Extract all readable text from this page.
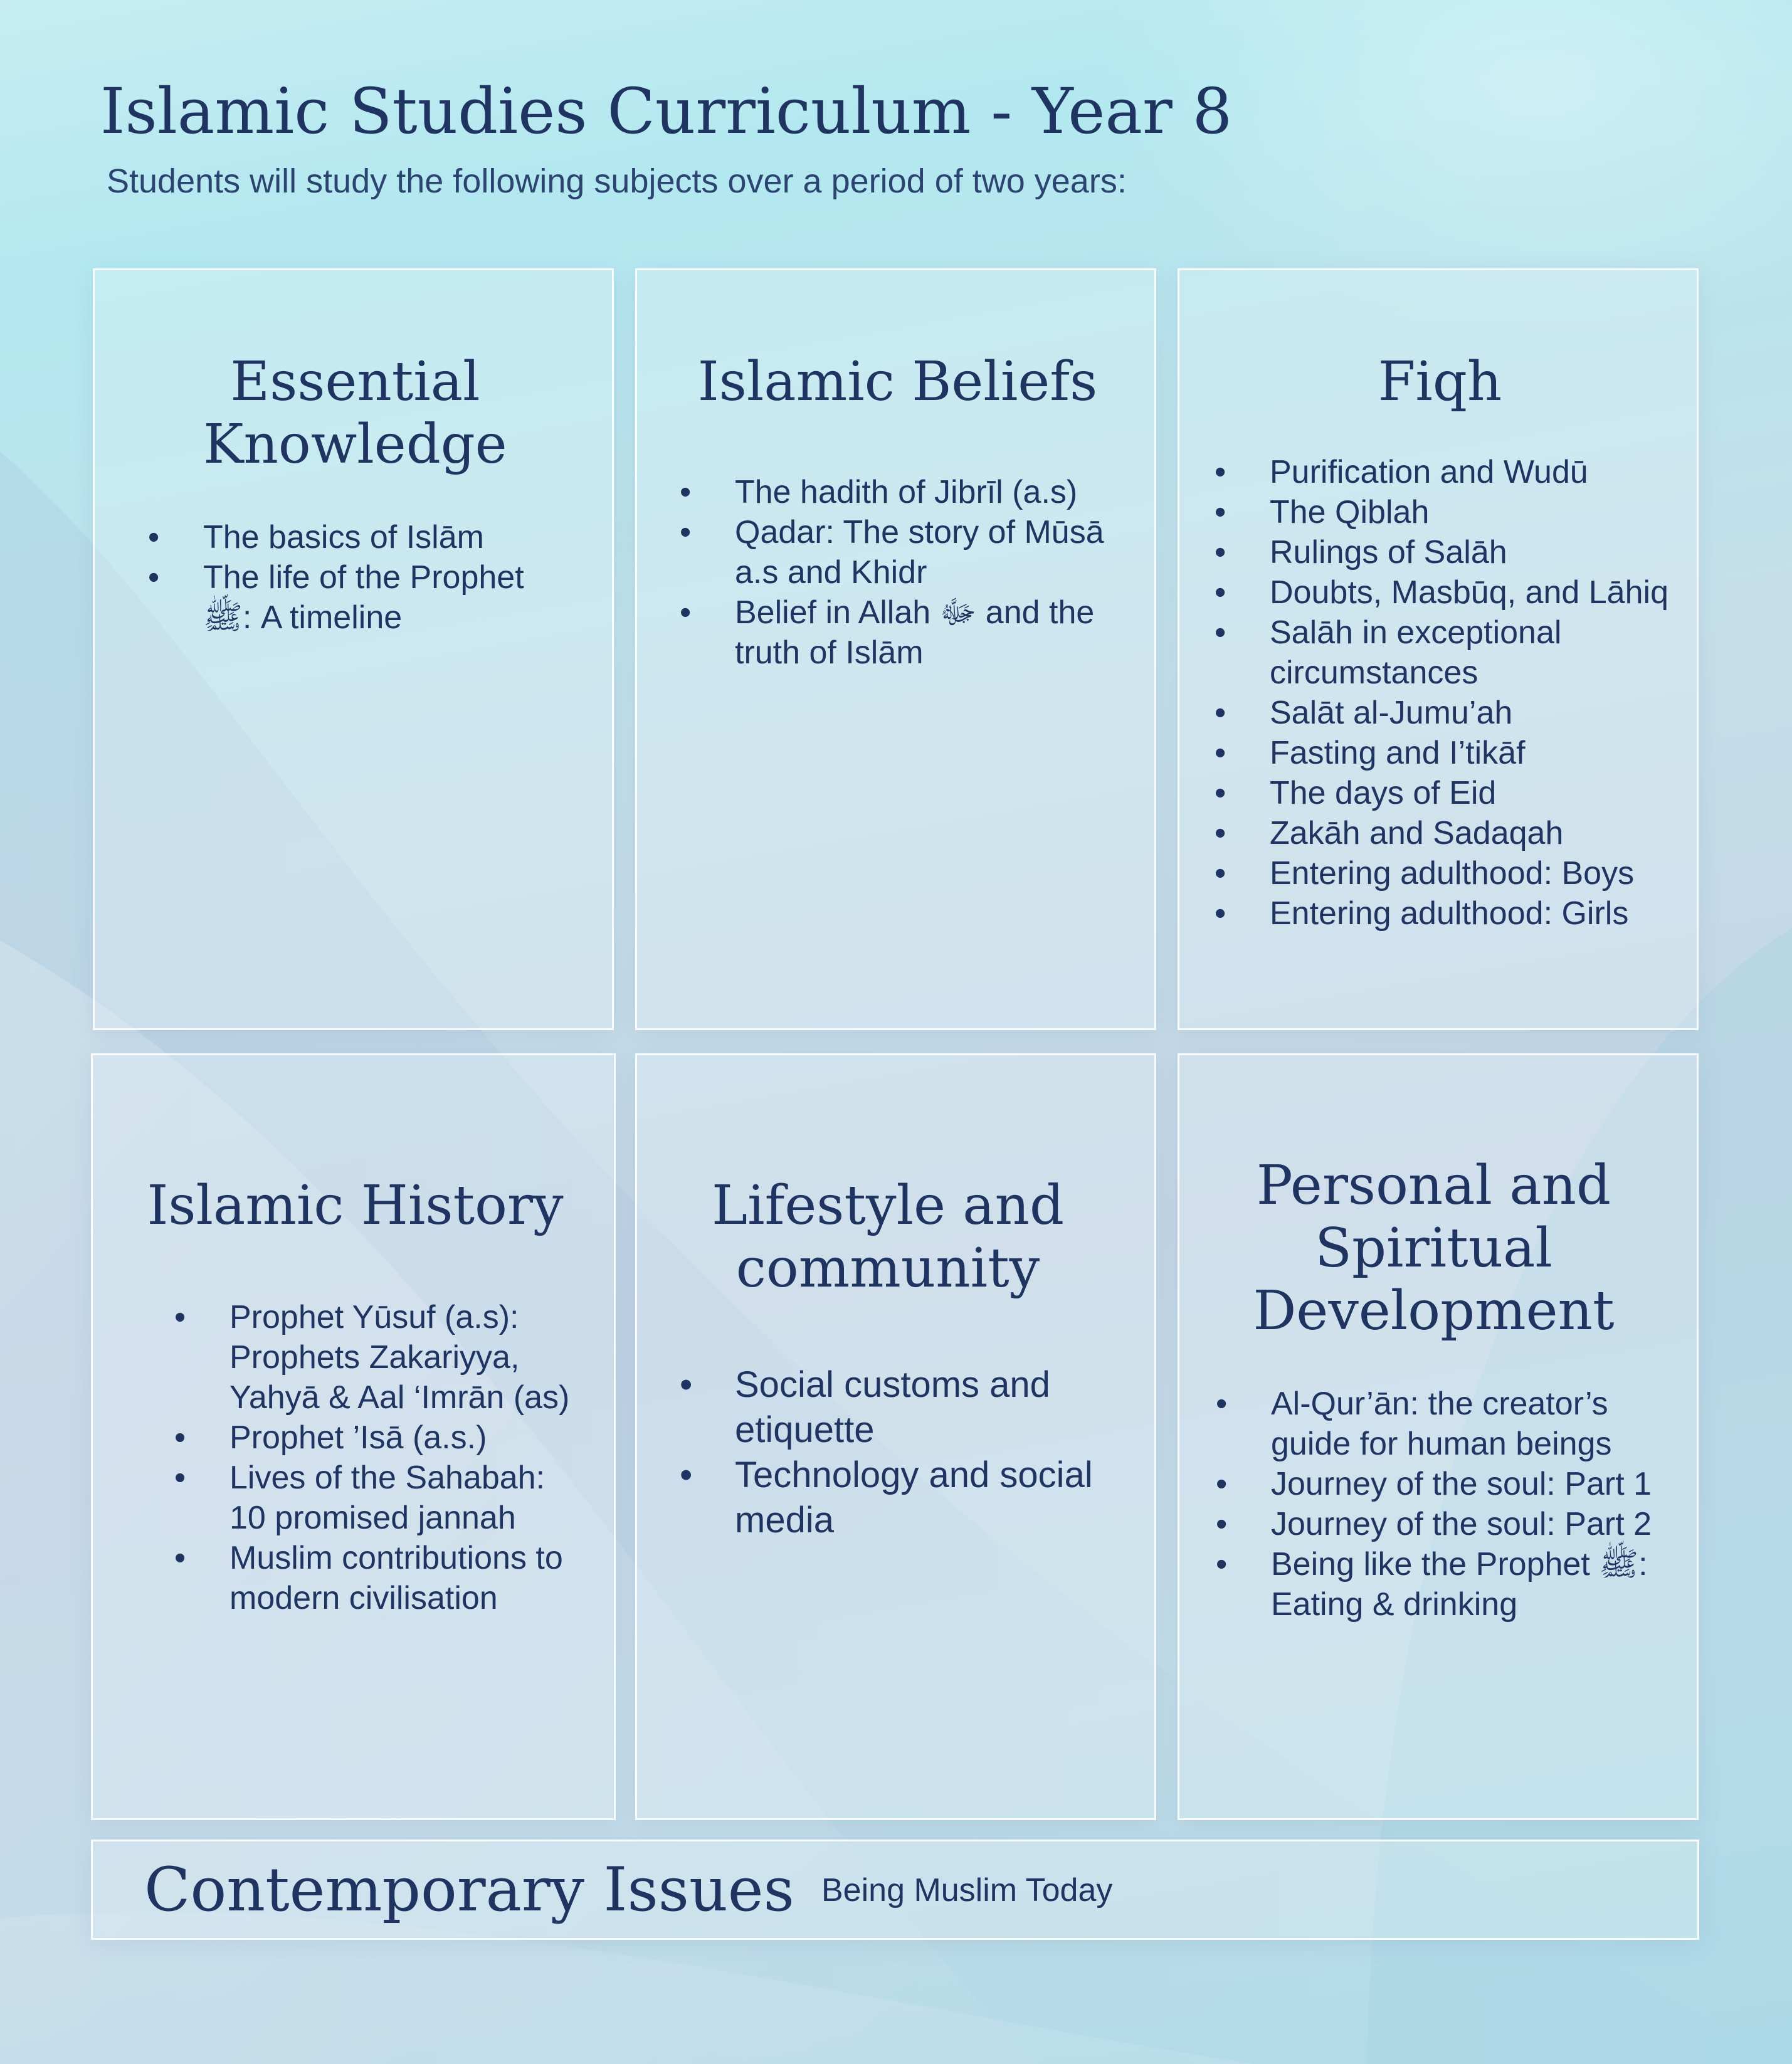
Islamic Studies Curriculum - Year 8

Students will study the following subjects over a period of two years:

Essential Knowledge
• The basics of Islām
• The life of the Prophet ﷺ: A timeline
Islamic Beliefs
• The hadith of Jibrīl (a.s)
• Qadar: The story of Mūsā a.s and Khidr
• Belief in Allah ﷻ and the truth of Islām
Fiqh
• Purification and Wudū
• The Qiblah
• Rulings of Salāh
• Doubts, Masbūq, and Lāhiq
• Salāh in exceptional circumstances
• Salāt al-Jumu’ah
• Fasting and I’tikāf
• The days of Eid
• Zakāh and Sadaqah
• Entering adulthood: Boys
• Entering adulthood: Girls
Islamic History
• Prophet Yūsuf (a.s): Prophets Zakariyya, Yahyā & Aal ‘Imrān (as)
• Prophet ’Isā (a.s.)
• Lives of the Sahabah: 10 promised jannah
• Muslim contributions to modern civilisation
Lifestyle and community
• Social customs and etiquette
• Technology and social media
Personal and Spiritual Development
• Al-Qur’ān: the creator’s guide for human beings
• Journey of the soul: Part 1
• Journey of the soul: Part 2
• Being like the Prophet ﷺ: Eating & drinking
Contemporary Issues Being Muslim Today
